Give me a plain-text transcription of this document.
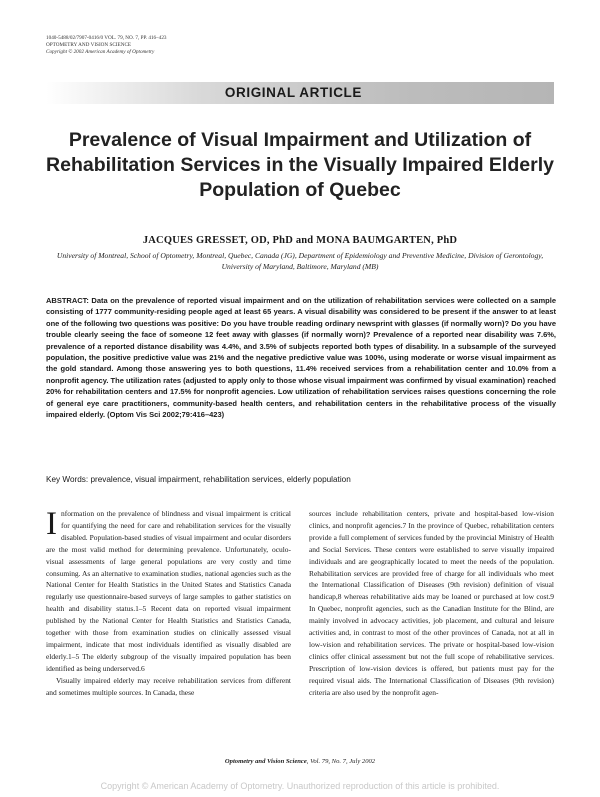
1040-5488/02/7907-0416/0 VOL. 79, NO. 7, PP. 416–423
OPTOMETRY AND VISION SCIENCE
Copyright © 2002 American Academy of Optometry
ORIGINAL ARTICLE
Prevalence of Visual Impairment and Utilization of Rehabilitation Services in the Visually Impaired Elderly Population of Quebec
JACQUES GRESSET, OD, PhD and MONA BAUMGARTEN, PhD
University of Montreal, School of Optometry, Montreal, Quebec, Canada (JG), Department of Epidemiology and Preventive Medicine, Division of Gerontology, University of Maryland, Baltimore, Maryland (MB)
ABSTRACT: Data on the prevalence of reported visual impairment and on the utilization of rehabilitation services were collected on a sample consisting of 1777 community-residing people aged at least 65 years. A visual disability was considered to be present if the answer to at least one of the following two questions was positive: Do you have trouble reading ordinary newsprint with glasses (if normally worn)? Do you have trouble clearly seeing the face of someone 12 feet away with glasses (if normally worn)? Prevalence of a reported near disability was 7.6%, prevalence of a reported distance disability was 4.4%, and 3.5% of subjects reported both types of disability. In a subsample of the surveyed population, the positive predictive value was 21% and the negative predictive value was 100%, using moderate or worse visual impairment as the gold standard. Among those answering yes to both questions, 11.4% received services from a rehabilitation center and 10.0% from a nonprofit agency. The utilization rates (adjusted to apply only to those whose visual impairment was confirmed by visual examination) reached 20% for rehabilitation centers and 17.5% for nonprofit agencies. Low utilization of rehabilitation services raises questions concerning the role of general eye care practitioners, community-based health centers, and rehabilitation centers in the rehabilitative process of the visually impaired elderly. (Optom Vis Sci 2002;79:416–423)
Key Words: prevalence, visual impairment, rehabilitation services, elderly population

Information on the prevalence of blindness and visual impairment is critical for quantifying the need for care and rehabilitation services for the visually disabled. Population-based studies of visual impairment and ocular disorders are the most valid method for determining prevalence. Unfortunately, oculo-visual assessments of large general populations are very costly and time consuming. As an alternative to examination studies, national agencies such as the National Center for Health Statistics in the United States and Statistics Canada regularly use questionnaire-based surveys of large samples to gather statistics on health and disability status.1–5 Recent data on reported visual impairment published by the National Center for Health Statistics and Statistics Canada, together with those from examination studies on clinically assessed visual impairment, indicate that most individuals identified as visually disabled are elderly.1–5 The elderly subgroup of the visually impaired population has been identified as being underserved.6

Visually impaired elderly may receive rehabilitation services from different and sometimes multiple sources. In Canada, these

sources include rehabilitation centers, private and hospital-based low-vision clinics, and nonprofit agencies.7 In the province of Quebec, rehabilitation centers provide a full complement of services funded by the provincial Ministry of Health and Social Services. These centers were established to serve visually impaired individuals and are geographically located to meet the needs of the population. Rehabilitation services are provided free of charge for all individuals who meet the International Classification of Diseases (9th revision) definition of visual handicap,8 whereas rehabilitative aids may be loaned or purchased at low cost.9 In Quebec, nonprofit agencies, such as the Canadian Institute for the Blind, are mainly involved in advocacy activities, job placement, and cultural and leisure activities and, in contrast to most of the other provinces of Canada, not at all in low-vision and rehabilitation services. The private or hospital-based low-vision clinics offer clinical assessment but not the full scope of rehabilitative services. Prescription of low-vision devices is offered, but patients must pay for the required visual aids. The International Classification of Diseases (9th revision) criteria are also used by the nonprofit agen-

Optometry and Vision Science, Vol. 79, No. 7, July 2002
Copyright © American Academy of Optometry. Unauthorized reproduction of this article is prohibited.
